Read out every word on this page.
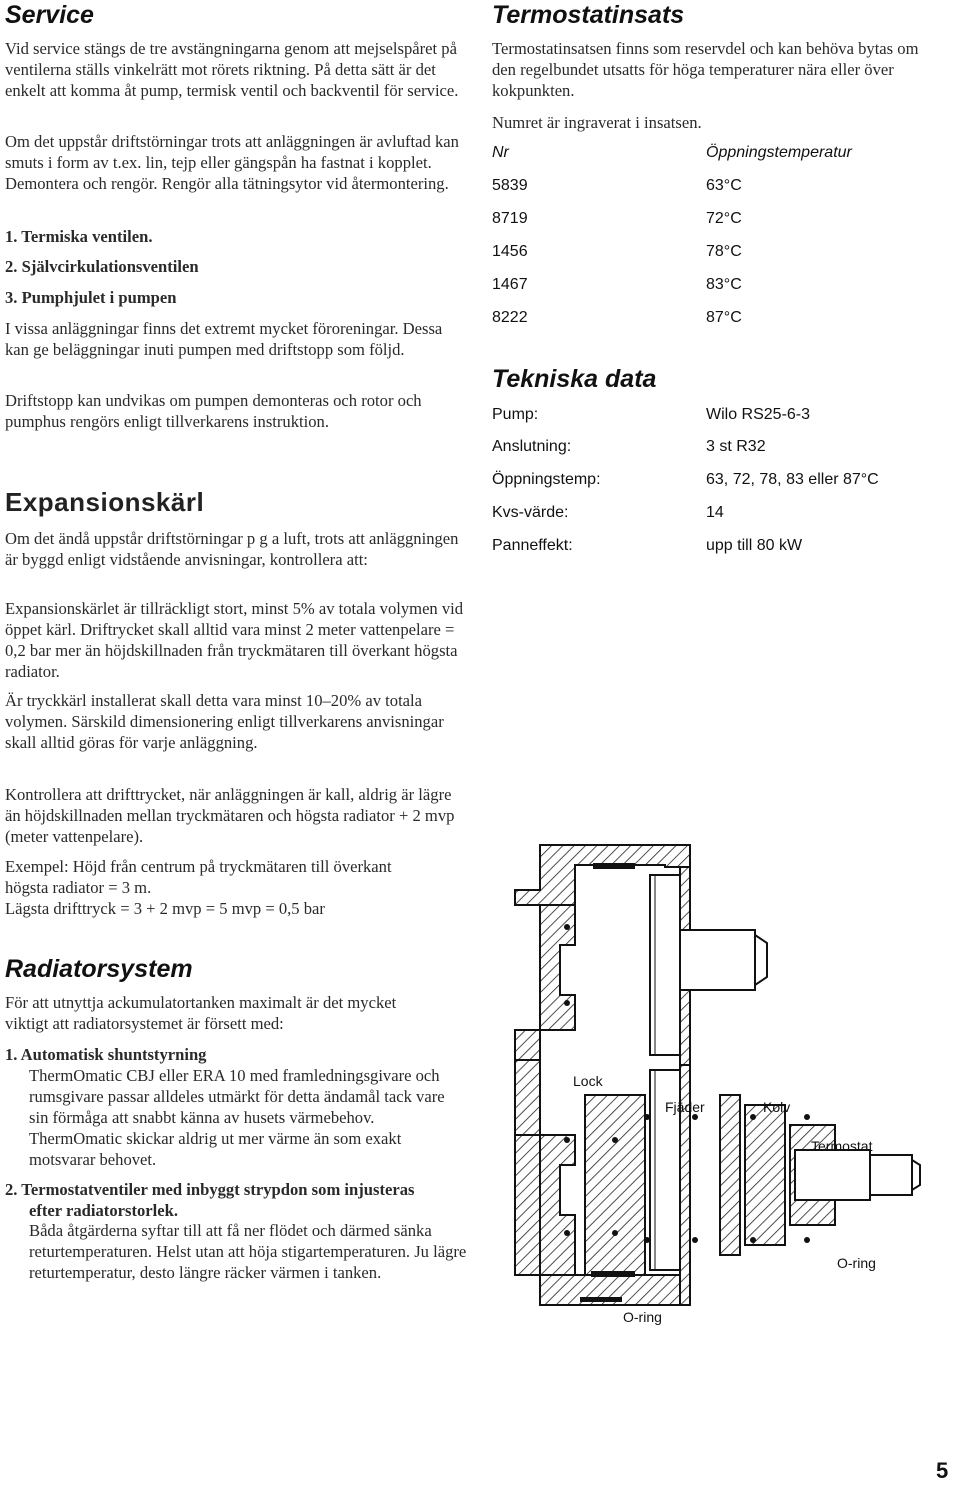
Service
Vid service stängs de tre avstängningarna genom att mejselspåret på ventilerna ställs vinkelrätt mot rörets riktning. På detta sätt är det enkelt att komma åt pump, termisk ventil och backventil för service.
Om det uppstår driftstörningar trots att anläggningen är avluftad kan smuts i form av t.ex. lin, tejp eller gängspån ha fastnat i kopplet. Demontera och rengör. Rengör alla tätningsytor vid återmontering.
1. Termiska ventilen.
2. Självcirkulationsventilen
3. Pumphjulet i pumpen
I vissa anläggningar finns det extremt mycket föroreningar. Dessa kan ge beläggningar inuti pumpen med driftstopp som följd.
Driftstopp kan undvikas om pumpen demonteras och rotor och pumphus rengörs enligt tillverkarens instruktion.
Expansionskärl
Om det ändå uppstår driftstörningar p g a luft, trots att anläggningen är byggd enligt vidstående anvisningar, kontrollera att:
Expansionskärlet är tillräckligt stort, minst 5% av totala volymen vid öppet kärl. Driftrycket skall alltid vara minst 2 meter vattenpelare = 0,2 bar mer än höjdskillnaden från tryckmätaren till överkant högsta radiator.
Är tryckkärl installerat skall detta vara minst 10–20% av totala volymen. Särskild dimensionering enligt tillverkarens anvisningar skall alltid göras för varje anläggning.
Kontrollera att drifttrycket, när anläggningen är kall, aldrig är lägre än höjdskillnaden mellan tryckmätaren och högsta radiator + 2 mvp (meter vattenpelare).
Exempel: Höjd från centrum på tryckmätaren till överkant högsta radiator = 3 m.
Lägsta drifttryck = 3 + 2 mvp = 5 mvp = 0,5 bar
Radiatorsystem
För att utnyttja ackumulatortanken maximalt är det mycket viktigt att radiatorsystemet är försett med:
1. Automatisk shuntstyrning
ThermOmatic CBJ eller ERA 10 med framledningsgivare och rumsgivare passar alldeles utmärkt för detta ändamål tack vare sin förmåga att snabbt känna av husets värmebehov. ThermOmatic skickar aldrig ut mer värme än som exakt motsvarar behovet.
2. Termostatventiler med inbyggt strypdon som injusteras efter radiatorstorlek.
Båda åtgärderna syftar till att få ner flödet och därmed sänka returtemperaturen. Helst utan att höja stigartemperaturen. Ju lägre returtemperatur, desto längre räcker värmen i tanken.
Termostatinsats
Termostatinsatsen finns som reservdel och kan behöva bytas om den regelbundet utsatts för höga temperaturer nära eller över kokpunkten.
Numret är ingraverat i insatsen.
Nr	Öppningstemperatur
5839	63°C
8719	72°C
1456	78°C
1467	83°C
8222	87°C
Tekniska data
Pump:	Wilo RS25-6-3
Anslutning:	3 st R32
Öppningstemp:	63, 72, 78, 83 eller 87°C
Kvs-värde:	14
Panneffekt:	upp till 80 kW
Lock
Fjäder	Kolv
Termostat
O-ring
O-ring
5
